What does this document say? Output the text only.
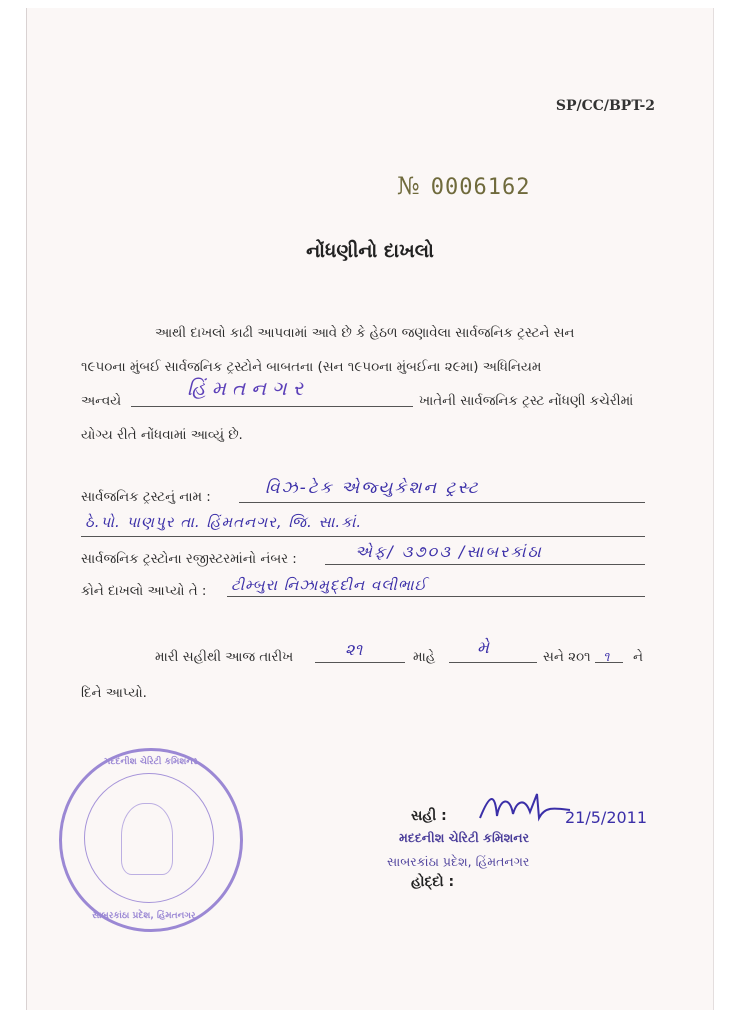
SP/CC/BPT-2
№ 0006162
નોંધણીનો દાખલો
આથી દાખલો કાઢી આપવામાં આવે છે કે હેઠળ જણાવેલા સાર્વજનિક ટ્રસ્ટને સન
૧૯૫૦ના મુંબઈ સાર્વજનિક ટ્રસ્ટોને બાબતના (સન ૧૯૫૦ના મુંબઈના ૨૯મા) અધિનિયમ
અન્વયે
હિંમતનગર
ખાતેની સાર્વજનિક ટ્રસ્ટ નોંધણી કચેરીમાં
યોગ્ય રીતે નોંધવામાં આવ્યું છે.
સાર્વજનિક ટ્રસ્ટનું નામ :	વિઝ-ટેક એજ્યુકેશન ટ્રસ્ટ
ઠે.પો. પાણપુર તા. હિંમતનગર, જિ. સા.કાં.
સાર્વજનિક ટ્રસ્ટોના રજીસ્ટરમાંનો નંબર :	એફ/ ૩૭૦૩ /સાબરકાંઠા
કોને દાખલો આપ્યો તે : ટીમ્બુરા નિઝામુદ્દીન વલીભાઈ
મારી સહીથી આજ તારીખ	૨૧	માહે મે	સને ૨૦૧ ૧ ને
દિને આપ્યો.
મદદનીશ ચેરિટી કમિશનર
સાબરકાંઠા પ્રદેશ, હિંમતનગર
સહી :	21/5/2011
મદદનીશ ચેરિટી કમિશનર
સાબરકાંઠા પ્રદેશ, હિંમતનગર
હોદ્દો :
